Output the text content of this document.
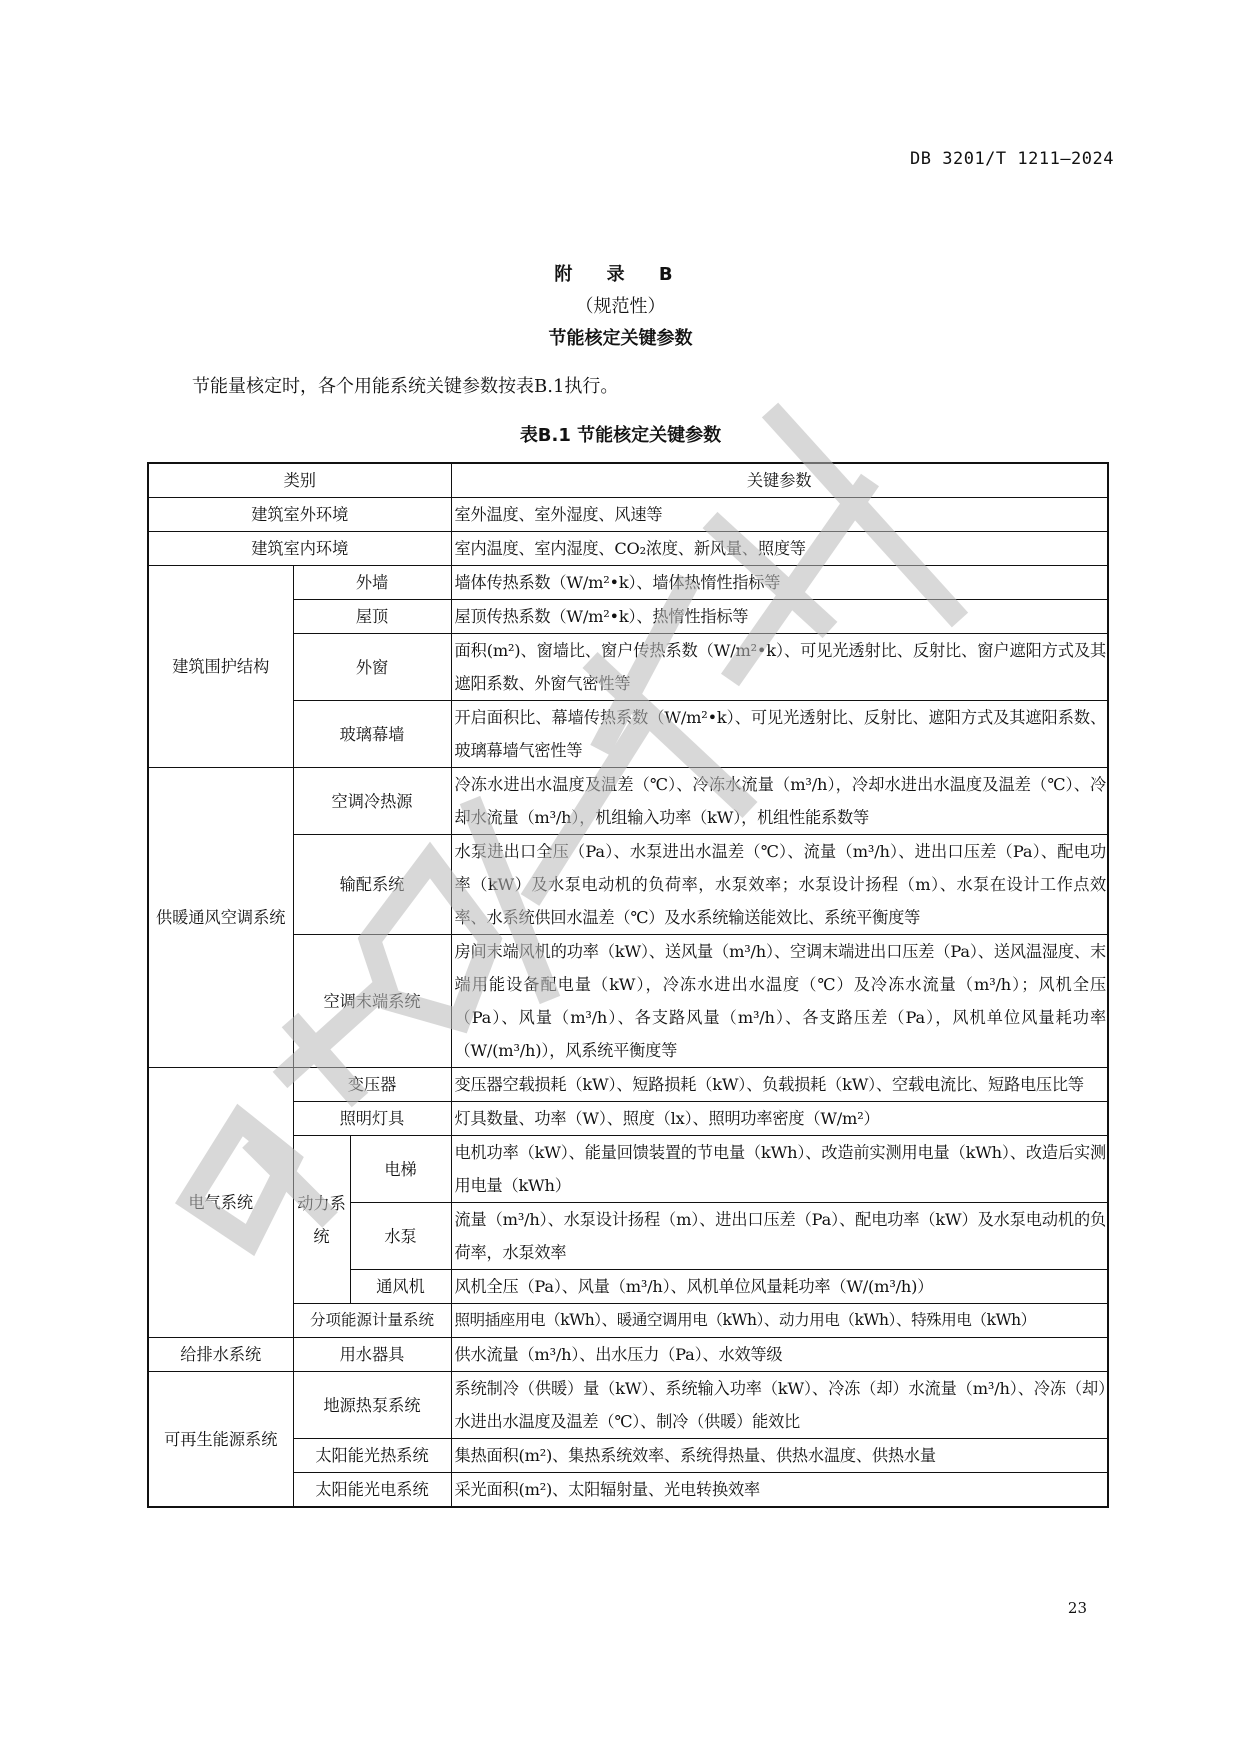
DB 3201/T 1211—2024
附 录 B
（规范性）
节能核定关键参数
节能量核定时，各个用能系统关键参数按表B.1执行。
表B.1 节能核定关键参数
类别			关键参数
建筑室外环境			室外温度、室外湿度、风速等
建筑室内环境			室内温度、室内湿度、CO₂浓度、新风量、照度等
建筑围护结构	外墙		墙体传热系数（W/m²•k）、墙体热惰性指标等
	屋顶		屋顶传热系数（W/m²•k）、热惰性指标等
	外窗		面积(m²)、窗墙比、窗户传热系数（W/m²•k）、可见光透射比、反射比、窗户遮阳方式及其遮阳系数、外窗气密性等
	玻璃幕墙		开启面积比、幕墙传热系数（W/m²•k）、可见光透射比、反射比、遮阳方式及其遮阳系数、玻璃幕墙气密性等
供暖通风空调系统	空调冷热源		冷冻水进出水温度及温差（℃）、冷冻水流量（m³/h），冷却水进出水温度及温差（℃）、冷却水流量（m³/h），机组输入功率（kW），机组性能系数等
	输配系统		水泵进出口全压（Pa）、水泵进出水温差（℃）、流量（m³/h）、进出口压差（Pa）、配电功率（kW）及水泵电动机的负荷率，水泵效率；水泵设计扬程（m）、水泵在设计工作点效率、水系统供回水温差（℃）及水系统输送能效比、系统平衡度等
	空调末端系统		房间末端风机的功率（kW）、送风量（m³/h）、空调末端进出口压差（Pa）、送风温湿度、末端用能设备配电量（kW），冷冻水进出水温度（℃）及冷冻水流量（m³/h）；风机全压（Pa）、风量（m³/h）、各支路风量（m³/h）、各支路压差（Pa），风机单位风量耗功率（W/(m³/h)），风系统平衡度等
电气系统	变压器		变压器空载损耗（kW）、短路损耗（kW）、负载损耗（kW）、空载电流比、短路电压比等
	照明灯具		灯具数量、功率（W）、照度（lx）、照明功率密度（W/m²）
	动力系统	电梯	电机功率（kW）、能量回馈装置的节电量（kWh）、改造前实测用电量（kWh）、改造后实测用电量（kWh）
		水泵	流量（m³/h）、水泵设计扬程（m）、进出口压差（Pa）、配电功率（kW）及水泵电动机的负荷率，水泵效率
		通风机	风机全压（Pa）、风量（m³/h）、风机单位风量耗功率（W/(m³/h)）
	分项能源计量系统		照明插座用电（kWh）、暖通空调用电（kWh）、动力用电（kWh）、特殊用电（kWh）
给排水系统	用水器具		供水流量（m³/h）、出水压力（Pa）、水效等级
可再生能源系统	地源热泵系统		系统制冷（供暖）量（kW）、系统输入功率（kW）、冷冻（却）水流量（m³/h）、冷冻（却）水进出水温度及温差（℃）、制冷（供暖）能效比
	太阳能光热系统		集热面积(m²)、集热系统效率、系统得热量、供热水温度、供热水量
	太阳能光电系统		采光面积(m²)、太阳辐射量、光电转换效率
23
